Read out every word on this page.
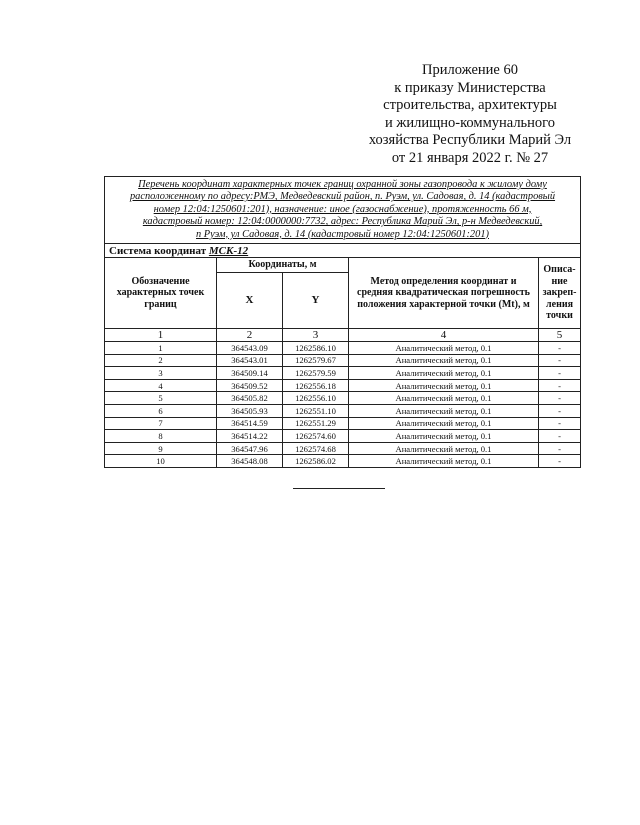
Приложение 60
к приказу Министерства
строительства, архитектуры
и жилищно-коммунального
хозяйства Республики Марий Эл
от 21 января 2022 г. № 27
Перечень координат характерных точек границ охранной зоны газопровода к жилому дому
расположенному по адресу:РМЭ, Медведевский район, п. Руэм, ул. Садовая, д. 14 (кадастровый
номер 12:04:1250601:201), назначение: иное (газоснабжение), протяженность 66 м,
кадастровый номер: 12:04:0000000:7732, адрес: Республика Марий Эл, р-н Медведевский,
п Руэм, ул Садовая, д. 14 (кадастровый номер 12:04:1250601:201)				

Система координат МСК-12				
Обозначение характерных точек границ	Координаты, м		Метод определения координат и средняя квадратическая погрешность положения характерной точки (Mt), м	Описа- ние закреп- ления точки
	X	Y		
1	2	3	4	5
1	364543.09	1262586.10	Аналитический метод, 0.1	-
2	364543.01	1262579.67	Аналитический метод, 0.1	-
3	364509.14	1262579.59	Аналитический метод, 0.1	-
4	364509.52	1262556.18	Аналитический метод, 0.1	-
5	364505.82	1262556.10	Аналитический метод, 0.1	-
6	364505.93	1262551.10	Аналитический метод, 0.1	-
7	364514.59	1262551.29	Аналитический метод, 0.1	-
8	364514.22	1262574.60	Аналитический метод, 0.1	-
9	364547.96	1262574.68	Аналитический метод, 0.1	-
10	364548.08	1262586.02	Аналитический метод, 0.1	-
